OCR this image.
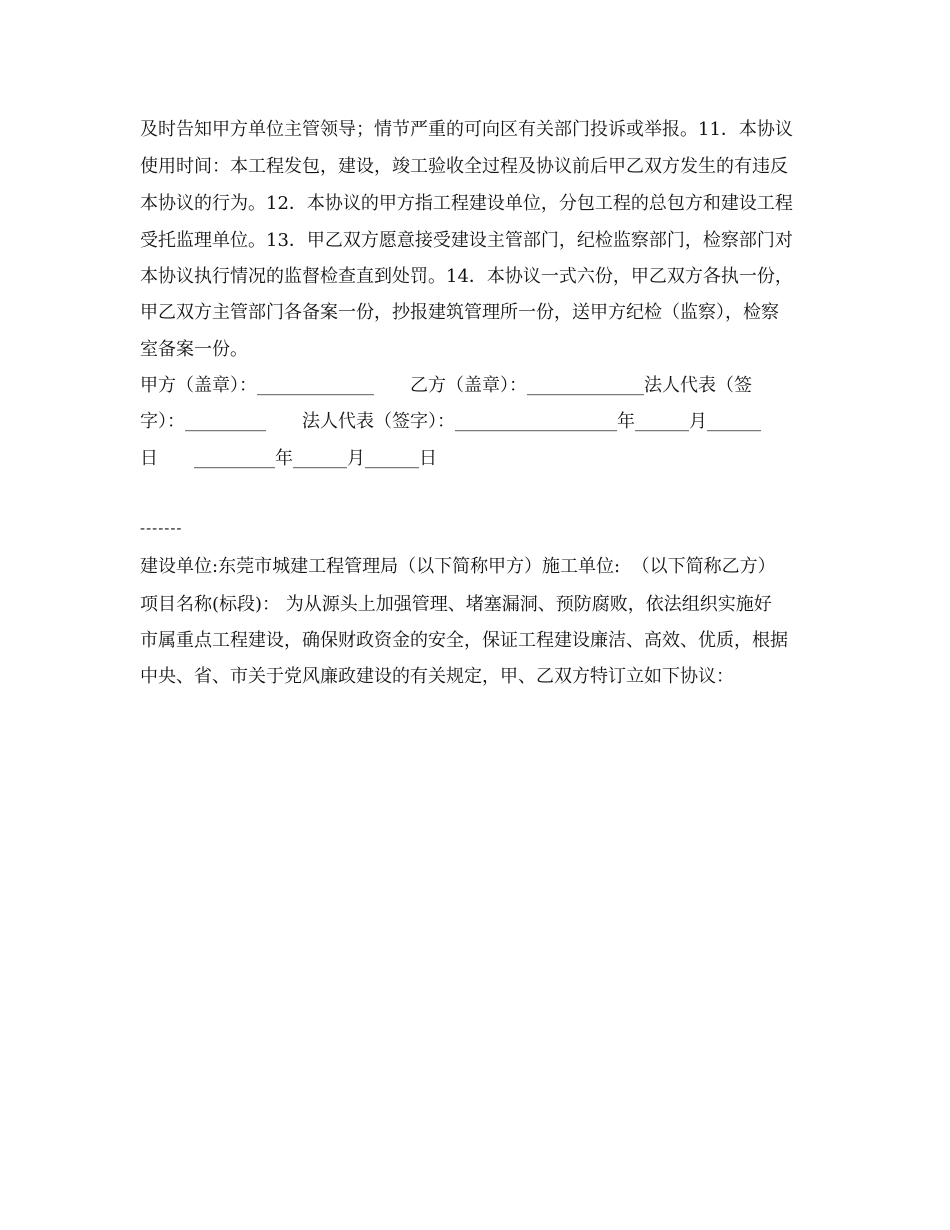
及时告知甲方单位主管领导；情节严重的可向区有关部门投诉或举报。11．本协议
使用时间：本工程发包，建设，竣工验收全过程及协议前后甲乙双方发生的有违反
本协议的行为。12．本协议的甲方指工程建设单位，分包工程的总包方和建设工程
受托监理单位。13．甲乙双方愿意接受建设主管部门，纪检监察部门，检察部门对
本协议执行情况的监督检查直到处罚。14．本协议一式六份，甲乙双方各执一份，
甲乙双方主管部门各备案一份，抄报建筑管理所一份，送甲方纪检（监察），检察
室备案一份。
甲方（盖章）：_____________　　乙方（盖章）：_____________法人代表（签
字）：_________　　法人代表（签字）：__________________年______月______
日　　_________年______月______日
-------
建设单位:东莞市城建工程管理局（以下简称甲方）施工单位:  （以下简称乙方）
项目名称(标段)： 为从源头上加强管理、堵塞漏洞、预防腐败，依法组织实施好
市属重点工程建设，确保财政资金的安全，保证工程建设廉洁、高效、优质，根据
中央、省、市关于党风廉政建设的有关规定，甲、乙双方特订立如下协议：
